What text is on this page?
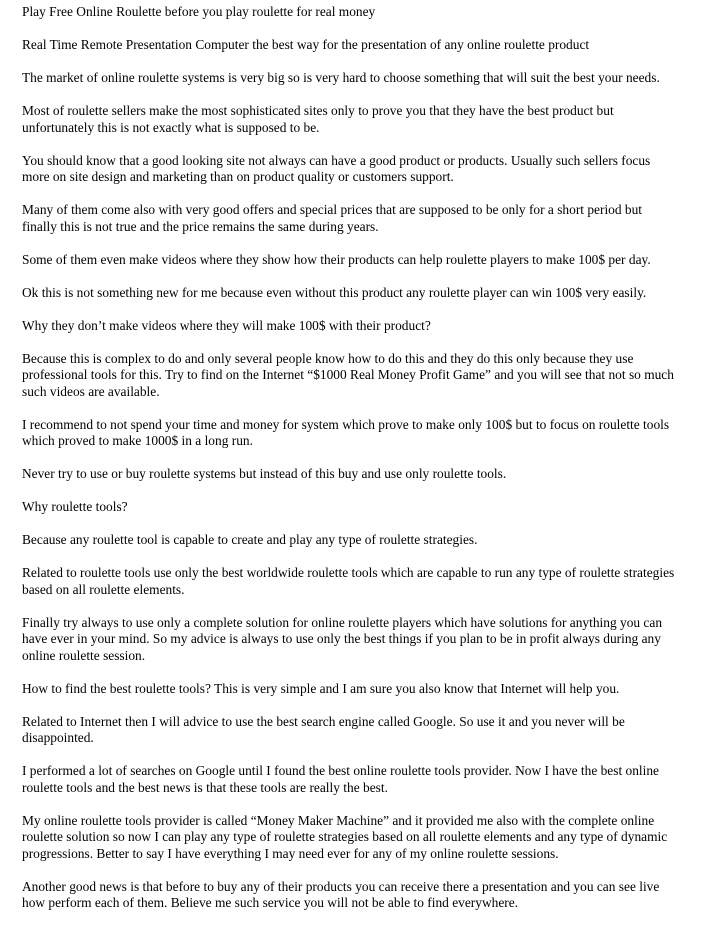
Play Free Online Roulette before you play roulette for real money

Real Time Remote Presentation Computer the best way for the presentation of any online roulette product

The market of online roulette systems is very big so is very hard to choose something that will suit the best your needs.

Most of roulette sellers make the most sophisticated sites only to prove you that they have the best product but
unfortunately this is not exactly what is supposed to be.

You should know that a good looking site not always can have a good product or products. Usually such sellers focus
more on site design and marketing than on product quality or customers support.

Many of them come also with very good offers and special prices that are supposed to be only for a short period but
finally this is not true and the price remains the same during years.

Some of them even make videos where they show how their products can help roulette players to make 100$ per day.

Ok this is not something new for me because even without this product any roulette player can win 100$ very easily.

Why they don’t make videos where they will make 100$ with their product?

Because this is complex to do and only several people know how to do this and they do this only because they use
professional tools for this. Try to find on the Internet “$1000 Real Money Profit Game” and you will see that not so much
such videos are available.

I recommend to not spend your time and money for system which prove to make only 100$ but to focus on roulette tools
which proved to make 1000$ in a long run.

Never try to use or buy roulette systems but instead of this buy and use only roulette tools.

Why roulette tools?

Because any roulette tool is capable to create and play any type of roulette strategies.

Related to roulette tools use only the best worldwide roulette tools which are capable to run any type of roulette strategies
based on all roulette elements.

Finally try always to use only a complete solution for online roulette players which have solutions for anything you can
have ever in your mind. So my advice is always to use only the best things if you plan to be in profit always during any
online roulette session.

How to find the best roulette tools? This is very simple and I am sure you also know that Internet will help you.

Related to Internet then I will advice to use the best search engine called Google. So use it and you never will be
disappointed.

I performed a lot of searches on Google until I found the best online roulette tools provider. Now I have the best online
roulette tools and the best news is that these tools are really the best.

My online roulette tools provider is called “Money Maker Machine” and it provided me also with the complete online
roulette solution so now I can play any type of roulette strategies based on all roulette elements and any type of dynamic
progressions. Better to say I have everything I may need ever for any of my online roulette sessions.

Another good news is that before to buy any of their products you can receive there a presentation and you can see live
how perform each of them. Believe me such service you will not be able to find everywhere.
